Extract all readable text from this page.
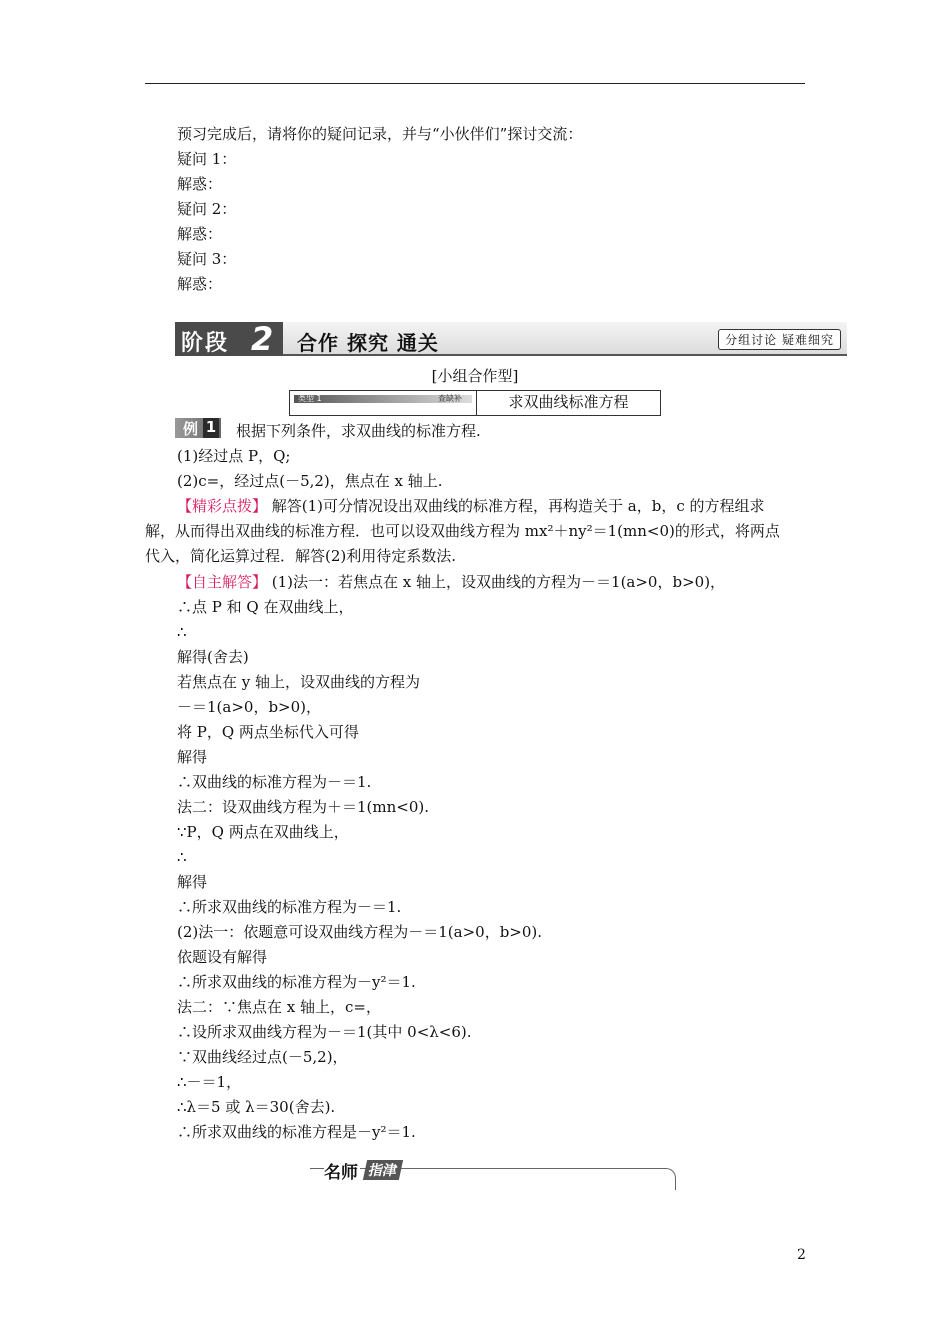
预习完成后，请将你的疑问记录，并与“小伙伴们”探讨交流：
疑问 1：
解惑：
疑问 2：
解惑：
疑问 3：
解惑：
阶段 2 合作 探究 通关	分组讨论 疑难细究
[小组合作型]
类型 1	查缺补	求双曲线标准方程
例 1 根据下列条件，求双曲线的标准方程.
(1)经过点 P，Q;
(2)c=，经过点(－5,2)，焦点在 x 轴上.
【精彩点拨】 解答(1)可分情况设出双曲线的标准方程，再构造关于 a，b，c 的方程组求
解，从而得出双曲线的标准方程．也可以设双曲线方程为 mx²＋ny²＝1(mn<0)的形式，将两点
代入，简化运算过程．解答(2)利用待定系数法.
【自主解答】 (1)法一：若焦点在 x 轴上，设双曲线的方程为－＝1(a>0，b>0)，
∴点 P 和 Q 在双曲线上，
∴
解得(舍去)
若焦点在 y 轴上，设双曲线的方程为
－＝1(a>0，b>0)，
将 P，Q 两点坐标代入可得
解得
∴双曲线的标准方程为－＝1.
法二：设双曲线方程为＋＝1(mn<0).
∵P，Q 两点在双曲线上，
∴
解得
∴所求双曲线的标准方程为－＝1.
(2)法一：依题意可设双曲线方程为－＝1(a>0，b>0).
依题设有解得
∴所求双曲线的标准方程为－y²＝1.
法二：∵焦点在 x 轴上，c=，
∴设所求双曲线方程为－＝1(其中 0<λ<6).
∵双曲线经过点(－5,2)，
∴－＝1，
∴λ＝5 或 λ＝30(舍去).
∴所求双曲线的标准方程是－y²＝1.
名师 指津
2
